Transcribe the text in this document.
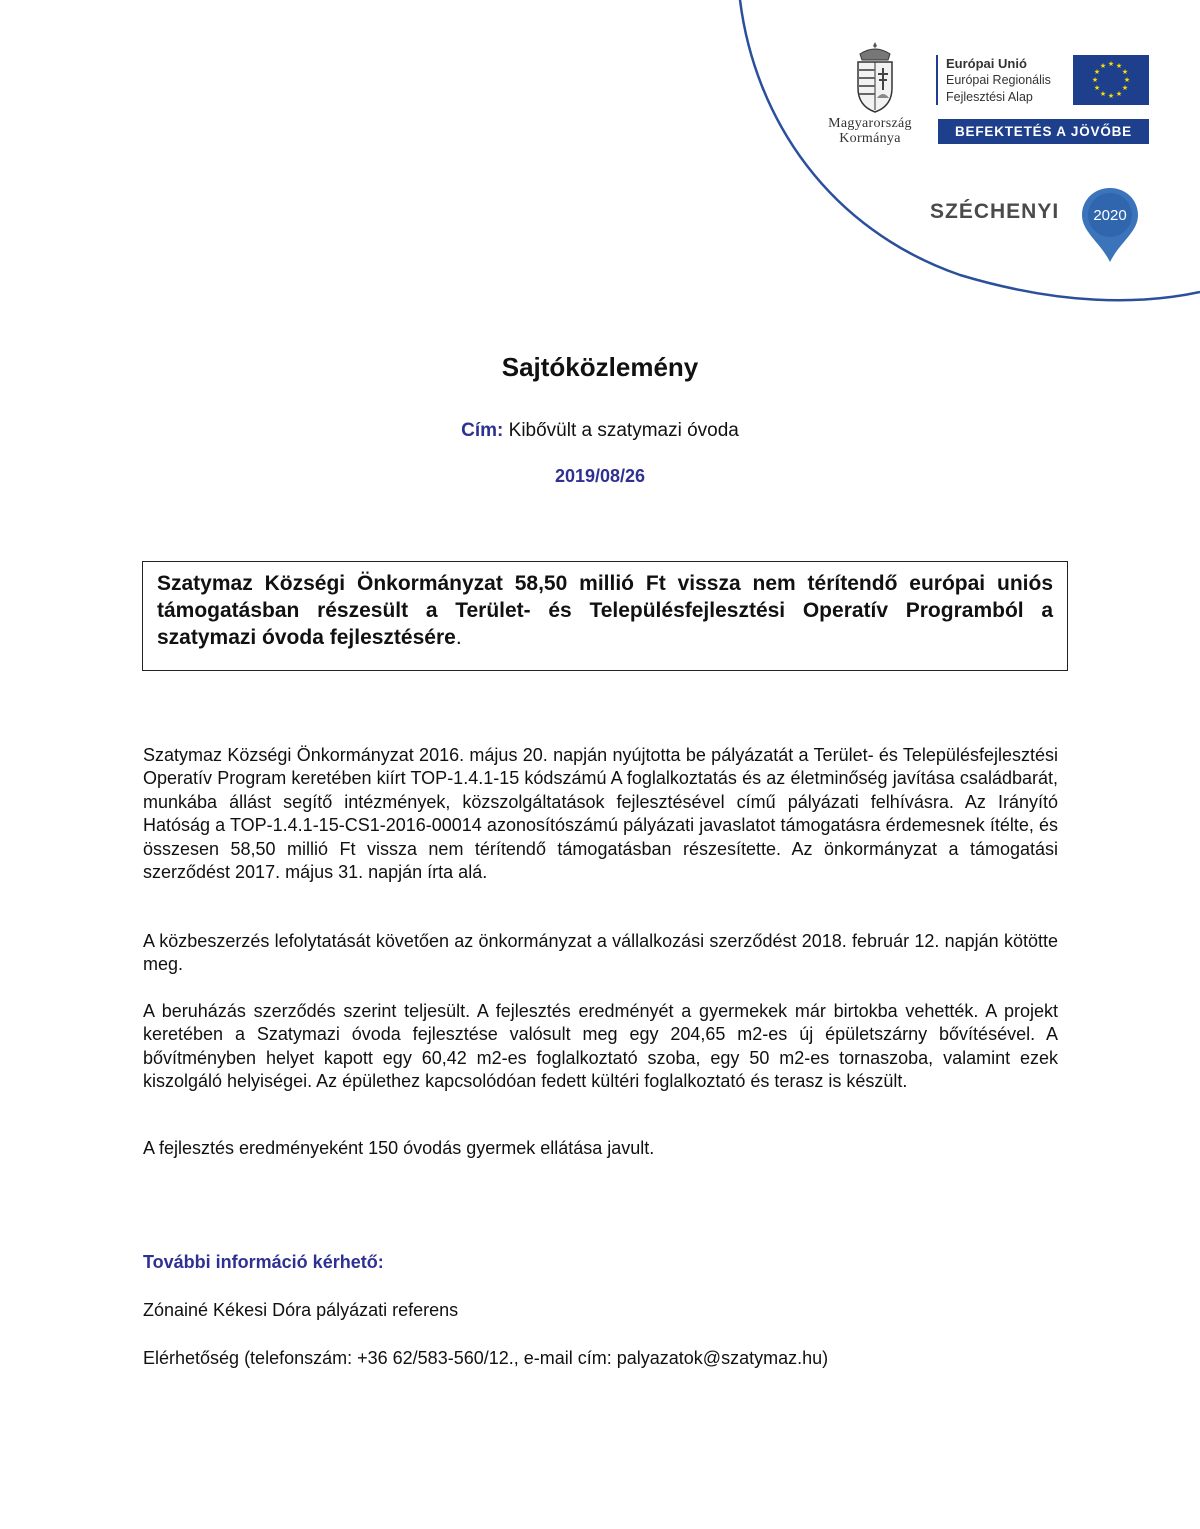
Magyarország
Kormánya
Európai Unió
Európai Regionális
Fejlesztési Alap
★ ★
★
★
★
★
★
★
★
★
★
★
BEFEKTETÉS A JÖVŐBE
SZÉCHENYI 2020
Sajtóközlemény
Cím: Kibővült a szatymazi óvoda
2019/08/26
Szatymaz Községi Önkormányzat 58,50 millió Ft vissza nem térítendő európai uniós támogatásban részesült a Terület- és Településfejlesztési Operatív Programból a szatymazi óvoda fejlesztésére.

Szatymaz Községi Önkormányzat 2016. május 20. napján nyújtotta be pályázatát a Terület- és Településfejlesztési Operatív Program keretében kiírt TOP-1.4.1-15 kódszámú A foglalkoztatás és az életminőség javítása családbarát, munkába állást segítő intézmények, közszolgáltatások fejlesztésével című pályázati felhívásra. Az Irányító Hatóság a TOP-1.4.1-15-CS1-2016-00014 azonosítószámú pályázati javaslatot támogatásra érdemesnek ítélte, és összesen 58,50 millió Ft vissza nem térítendő támogatásban részesítette. Az önkormányzat a támogatási szerződést 2017. május 31. napján írta alá.

A közbeszerzés lefolytatását követően az önkormányzat a vállalkozási szerződést 2018. február 12. napján kötötte meg.

A beruházás szerződés szerint teljesült. A fejlesztés eredményét a gyermekek már birtokba vehették. A projekt keretében a Szatymazi óvoda fejlesztése valósult meg egy 204,65 m2-es új épületszárny bővítésével. A bővítményben helyet kapott egy 60,42 m2-es foglalkoztató szoba, egy 50 m2-es tornaszoba, valamint ezek kiszolgáló helyiségei. Az épülethez kapcsolódóan fedett kültéri foglalkoztató és terasz is készült.

A fejlesztés eredményeként 150 óvodás gyermek ellátása javult.

További információ kérhető:
Zónainé Kékesi Dóra pályázati referens
Elérhetőség (telefonszám: +36 62/583-560/12., e-mail cím: palyazatok@szatymaz.hu)
